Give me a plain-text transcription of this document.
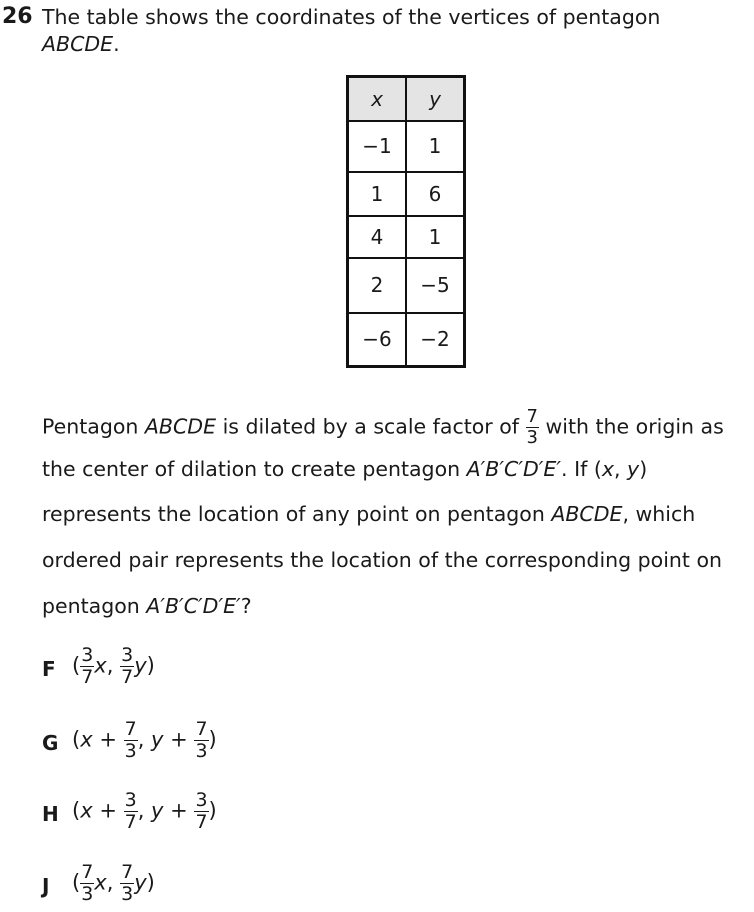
26 The table shows the coordinates of the vertices of pentagon
ABCDE.
x	y
−1	1
1	6
4	1
2	−5
−6	−2
Pentagon ABCDE is dilated by a scale factor of $\frac{7}{3}$ with the origin as
the center of dilation to create pentagon A′B′C′D′E′. If (x, y)
represents the location of any point on pentagon ABCDE, which
ordered pair represents the location of the corresponding point on
pentagon A′B′C′D′E′?
F ( $\frac{3}{7} x$, $\frac{3}{7} y$)
G ($x + \frac{7}{3}$ , $y + \frac{7}{3}$ )
H ($x + \frac{3}{7}$ , $y + \frac{3}{7}$ )
J ( $\frac{7}{3} x$, $\frac{7}{3} y$)
